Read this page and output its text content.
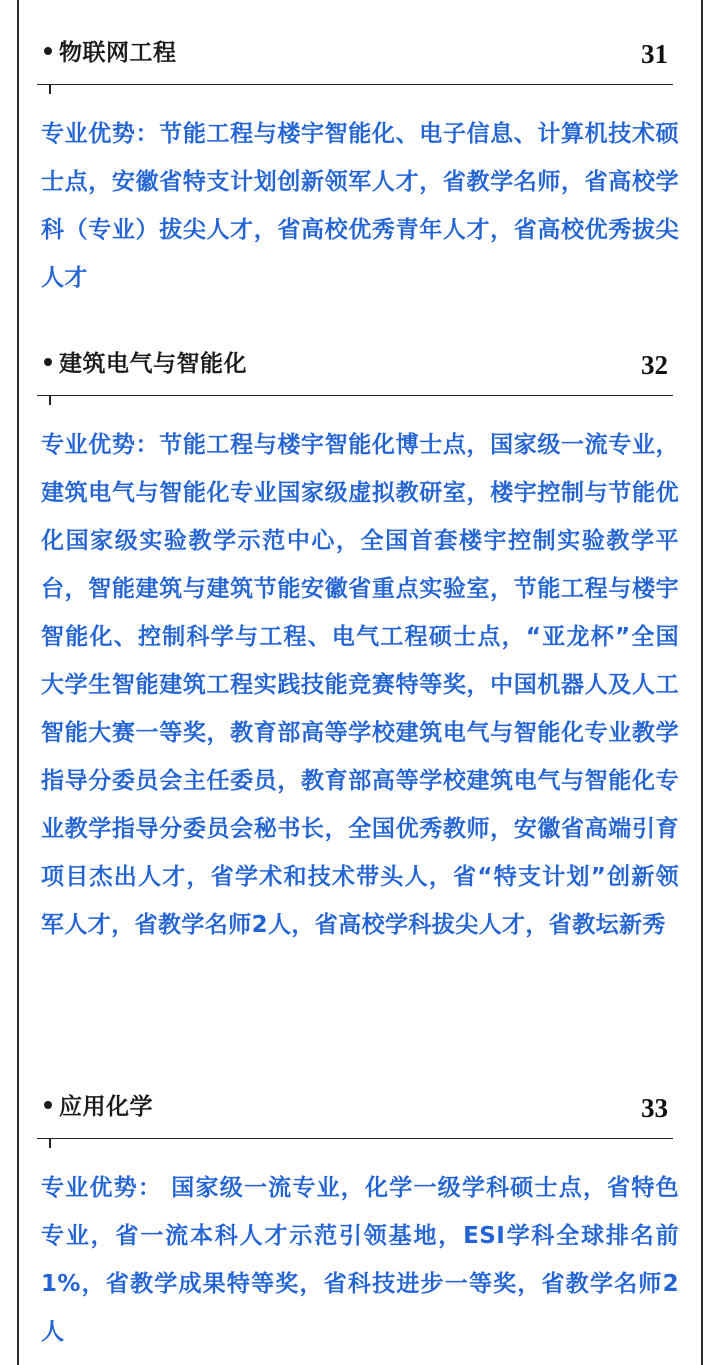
物联网工程	31
专业优势：节能工程与楼宇智能化、电子信息、计算机技术硕士点，安徽省特支计划创新领军人才，省教学名师，省高校学科（专业）拔尖人才，省高校优秀青年人才，省高校优秀拔尖人才
建筑电气与智能化	32
专业优势：节能工程与楼宇智能化博士点，国家级一流专业，建筑电气与智能化专业国家级虚拟教研室，楼宇控制与节能优化国家级实验教学示范中心，全国首套楼宇控制实验教学平台，智能建筑与建筑节能安徽省重点实验室，节能工程与楼宇智能化、控制科学与工程、电气工程硕士点，“亚龙杯”全国大学生智能建筑工程实践技能竞赛特等奖，中国机器人及人工智能大赛一等奖，教育部高等学校建筑电气与智能化专业教学指导分委员会主任委员，教育部高等学校建筑电气与智能化专业教学指导分委员会秘书长，全国优秀教师，安徽省高端引育项目杰出人才，省学术和技术带头人，省“特支计划”创新领军人才，省教学名师2人，省高校学科拔尖人才，省教坛新秀
应用化学	33
专业优势： 国家级一流专业，化学一级学科硕士点，省特色专业，省一流本科人才示范引领基地，ESI学科全球排名前1%，省教学成果特等奖，省科技进步一等奖，省教学名师2人
